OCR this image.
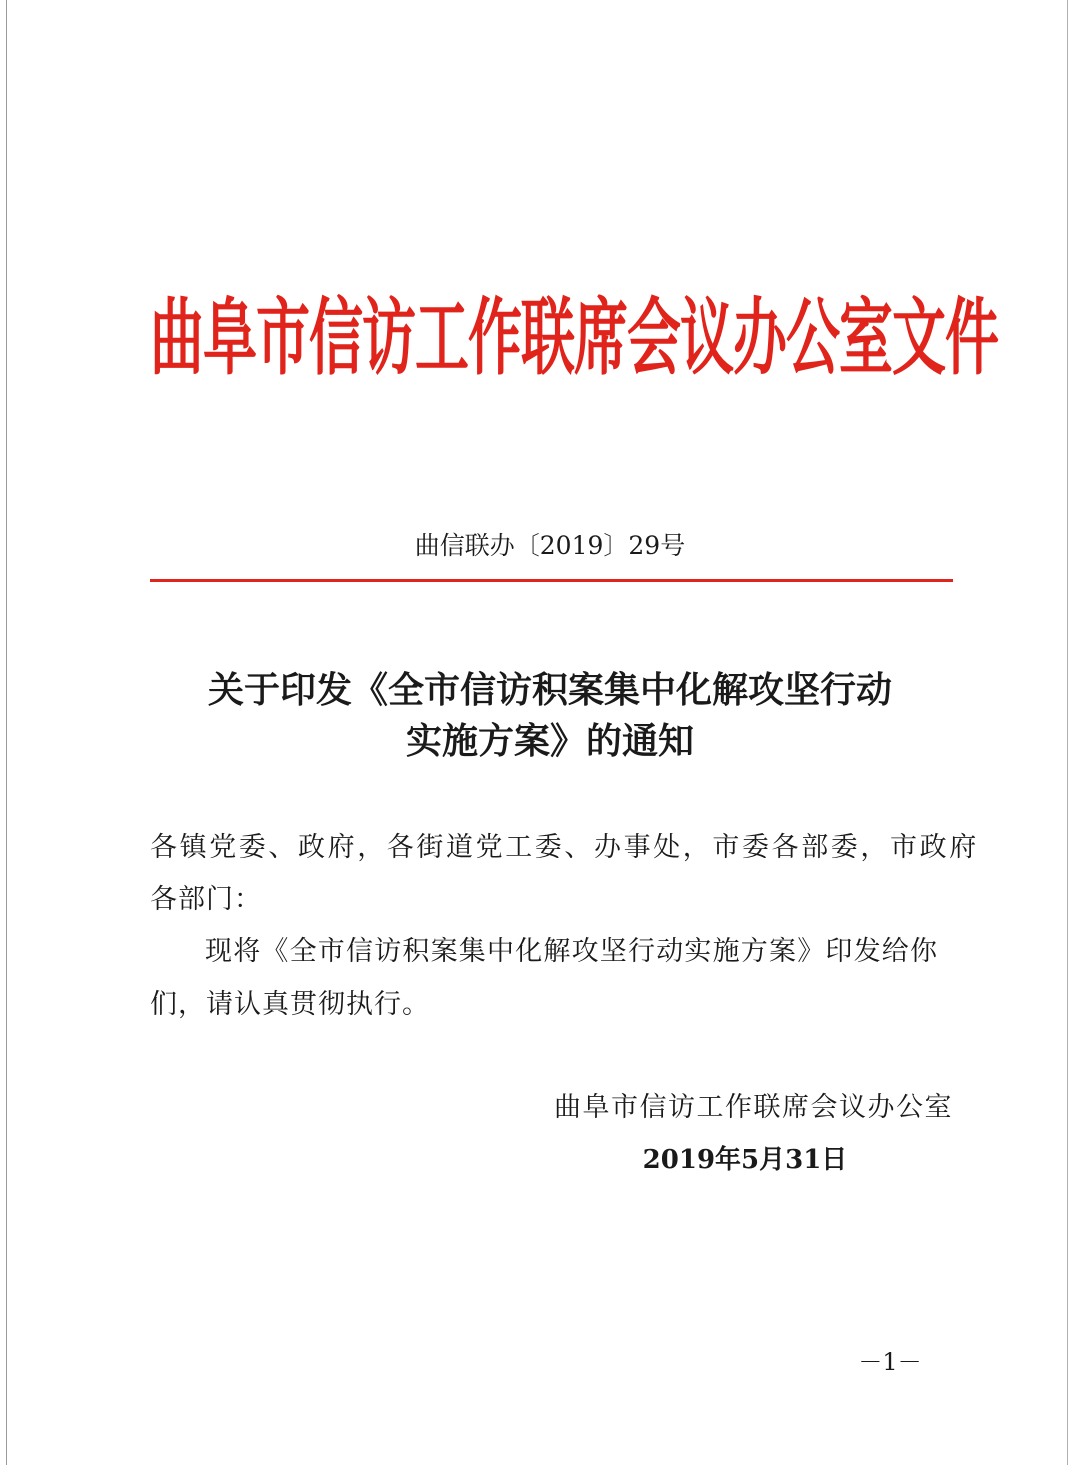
曲阜市信访工作联席会议办公室文件
曲信联办〔2019〕29号
关于印发《全市信访积案集中化解攻坚行动
实施方案》的通知
各镇党委、政府，各街道党工委、办事处，市委各部委，市政府
各部门：
现将《全市信访积案集中化解攻坚行动实施方案》印发给你
们，请认真贯彻执行。
曲阜市信访工作联席会议办公室
2019年5月31日
－1－
